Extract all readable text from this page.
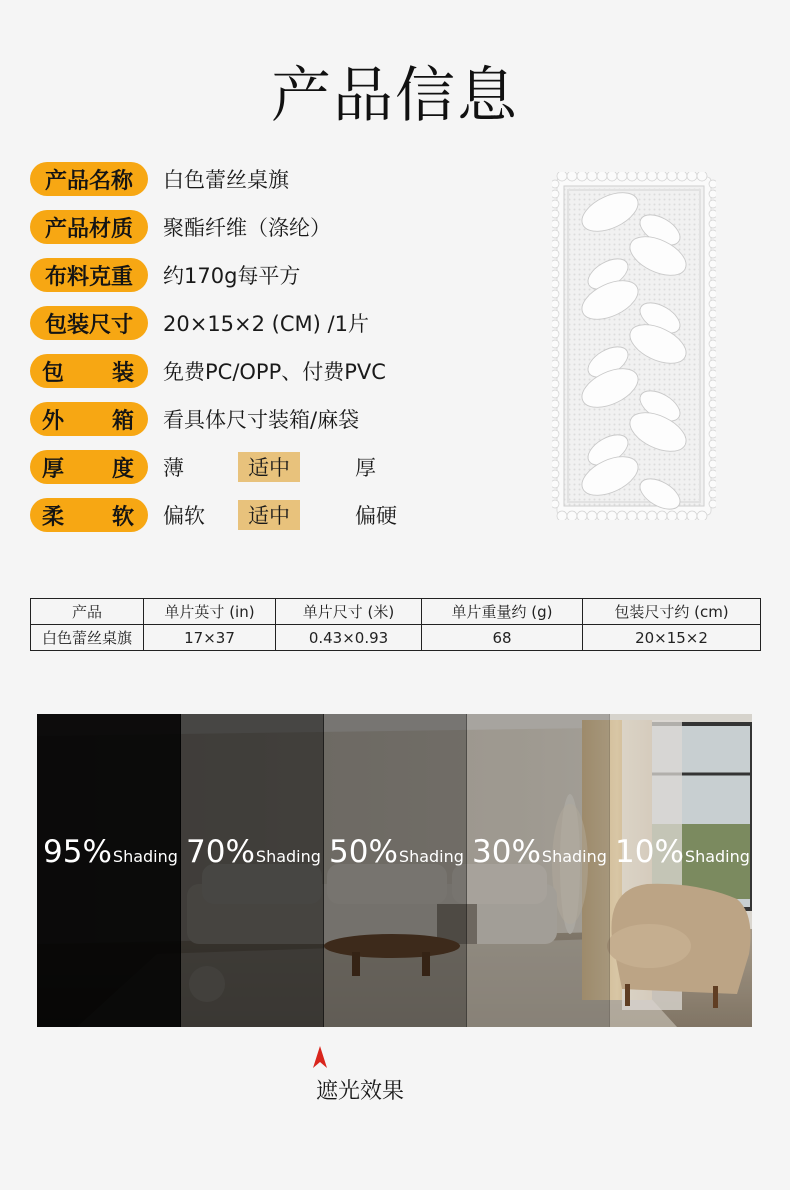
产品信息
产品名称	白色蕾丝桌旗
产品材质	聚酯纤维（涤纶）
布料克重	约170g每平方
包装尺寸	20×15×2 (CM) /1片
包 装 免费PC/OPP、付费PVC
外 箱 看具体尺寸装箱/麻袋
厚 度 薄	适中	厚
柔 软 偏软	适中	偏硬
产品	单片英寸 (in)	单片尺寸 (米)	单片重量约 (g)	包装尺寸约 (cm)
白色蕾丝桌旗	17×37	0.43×0.93	68	20×15×2
95% Shading 70% Shading 50% Shading 30% Shading 10% Shading
遮光效果
